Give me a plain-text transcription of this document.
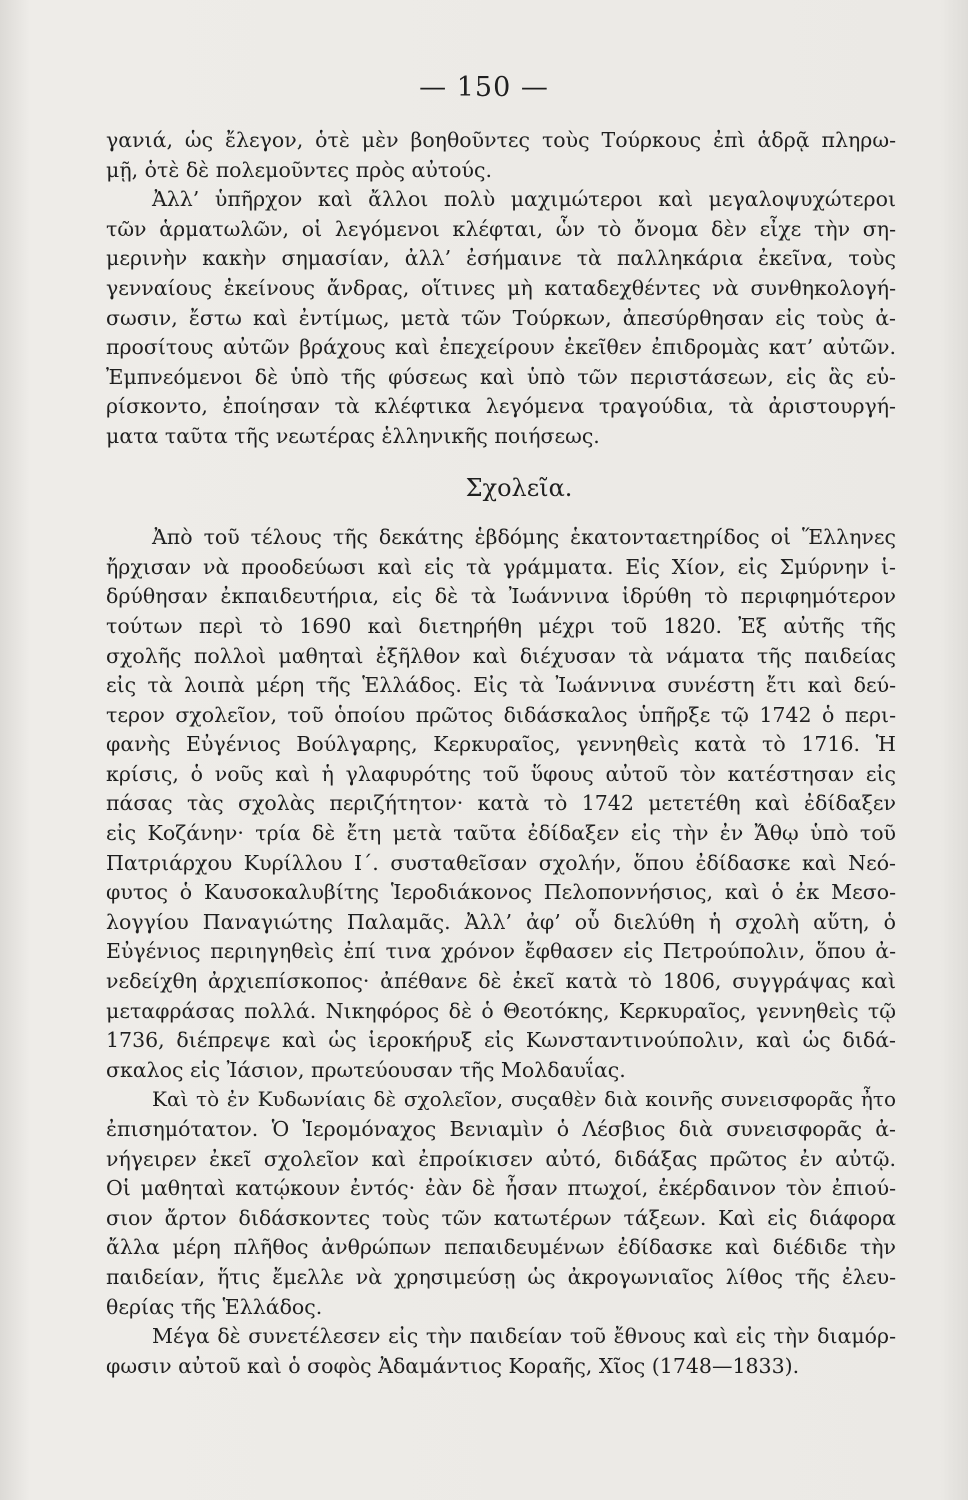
— 150 —
γανιά, ὡς ἔλεγον, ὁτὲ μὲν βοηθοῦντες τοὺς Τούρκους ἐπὶ ἁδρᾷ πληρω-
μῇ, ὁτὲ δὲ πολεμοῦντες πρὸς αὐτούς.
Ἀλλ’ ὑπῆρχον καὶ ἄλλοι πολὺ μαχιμώτεροι καὶ μεγαλοψυχώτεροι
τῶν ἁρματωλῶν, οἱ λεγόμενοι κλέφται, ὧν τὸ ὄνομα δὲν εἶχε τὴν ση-
μερινὴν κακὴν σημασίαν, ἀλλ’ ἐσήμαινε τὰ παλληκάρια ἐκεῖνα, τοὺς
γενναίους ἐκείνους ἄνδρας, οἵτινες μὴ καταδεχθέντες νὰ συνθηκολογή-
σωσιν, ἔστω καὶ ἐντίμως, μετὰ τῶν Τούρκων, ἀπεσύρθησαν εἰς τοὺς ἀ-
προσίτους αὐτῶν βράχους καὶ ἐπεχείρουν ἐκεῖθεν ἐπιδρομὰς κατ’ αὐτῶν.
Ἐμπνεόμενοι δὲ ὑπὸ τῆς φύσεως καὶ ὑπὸ τῶν περιστάσεων, εἰς ἃς εὑ-
ρίσκοντο, ἐποίησαν τὰ κλέφτικα λεγόμενα τραγούδια, τὰ ἀριστουργή-
ματα ταῦτα τῆς νεωτέρας ἑλληνικῆς ποιήσεως.
Σχολεῖα.
Ἀπὸ τοῦ τέλους τῆς δεκάτης ἑβδόμης ἑκατονταετηρίδος οἱ Ἕλληνες
ἤρχισαν νὰ προοδεύωσι καὶ εἰς τὰ γράμματα. Εἰς Χίον, εἰς Σμύρνην ἱ-
δρύθησαν ἐκπαιδευτήρια, εἰς δὲ τὰ Ἰωάννινα ἱδρύθη τὸ περιφημότερον
τούτων περὶ τὸ 1690 καὶ διετηρήθη μέχρι τοῦ 1820. Ἐξ αὐτῆς τῆς
σχολῆς πολλοὶ μαθηταὶ ἐξῆλθον καὶ διέχυσαν τὰ νάματα τῆς παιδείας
εἰς τὰ λοιπὰ μέρη τῆς Ἑλλάδος. Εἰς τὰ Ἰωάννινα συνέστη ἔτι καὶ δεύ-
τερον σχολεῖον, τοῦ ὁποίου πρῶτος διδάσκαλος ὑπῆρξε τῷ 1742 ὁ περι-
φανὴς Εὐγένιος Βούλγαρης, Κερκυραῖος, γεννηθεὶς κατὰ τὸ 1716. Ἡ
κρίσις, ὁ νοῦς καὶ ἡ γλαφυρότης τοῦ ὕφους αὐτοῦ τὸν κατέστησαν εἰς
πάσας τὰς σχολὰς περιζήτητον· κατὰ τὸ 1742 μετετέθη καὶ ἐδίδαξεν
εἰς Κοζάνην· τρία δὲ ἔτη μετὰ ταῦτα ἐδίδαξεν εἰς τὴν ἐν Ἄθῳ ὑπὸ τοῦ
Πατριάρχου Κυρίλλου Ι΄. συσταθεῖσαν σχολήν, ὅπου ἐδίδασκε καὶ Νεό-
φυτος ὁ Καυσοκαλυβίτης Ἱεροδιάκονος Πελοποννήσιος, καὶ ὁ ἐκ Μεσο-
λογγίου Παναγιώτης Παλαμᾶς. Ἀλλ’ ἀφ’ οὗ διελύθη ἡ σχολὴ αὕτη, ὁ
Εὐγένιος περιηγηθεὶς ἐπί τινα χρόνον ἔφθασεν εἰς Πετρούπολιν, ὅπου ἀ-
νεδείχθη ἀρχιεπίσκοπος· ἀπέθανε δὲ ἐκεῖ κατὰ τὸ 1806, συγγράψας καὶ
μεταφράσας πολλά. Νικηφόρος δὲ ὁ Θεοτόκης, Κερκυραῖος, γεννηθεὶς τῷ
1736, διέπρεψε καὶ ὡς ἱεροκήρυξ εἰς Κωνσταντινούπολιν, καὶ ὡς διδά-
σκαλος εἰς Ἰάσιον, πρωτεύουσαν τῆς Μολδαυΐας.
Καὶ τὸ ἐν Κυδωνίαις δὲ σχολεῖον, συςαθὲν διὰ κοινῆς συνεισφορᾶς ἦτο
ἐπισημότατον. Ὁ Ἱερομόναχος Βενιαμὶν ὁ Λέσβιος διὰ συνεισφορᾶς ἀ-
νήγειρεν ἐκεῖ σχολεῖον καὶ ἐπροίκισεν αὐτό, διδάξας πρῶτος ἐν αὐτῷ.
Οἱ μαθηταὶ κατῴκουν ἐντός· ἐὰν δὲ ἦσαν πτωχοί, ἐκέρδαινον τὸν ἐπιού-
σιον ἄρτον διδάσκοντες τοὺς τῶν κατωτέρων τάξεων. Καὶ εἰς διάφορα
ἄλλα μέρη πλῆθος ἀνθρώπων πεπαιδευμένων ἐδίδασκε καὶ διέδιδε τὴν
παιδείαν, ἥτις ἔμελλε νὰ χρησιμεύσῃ ὡς ἀκρογωνιαῖος λίθος τῆς ἐλευ-
θερίας τῆς Ἑλλάδος.
Μέγα δὲ συνετέλεσεν εἰς τὴν παιδείαν τοῦ ἔθνους καὶ εἰς τὴν διαμόρ-
φωσιν αὐτοῦ καὶ ὁ σοφὸς Ἀδαμάντιος Κοραῆς, Χῖος (1748—1833).
